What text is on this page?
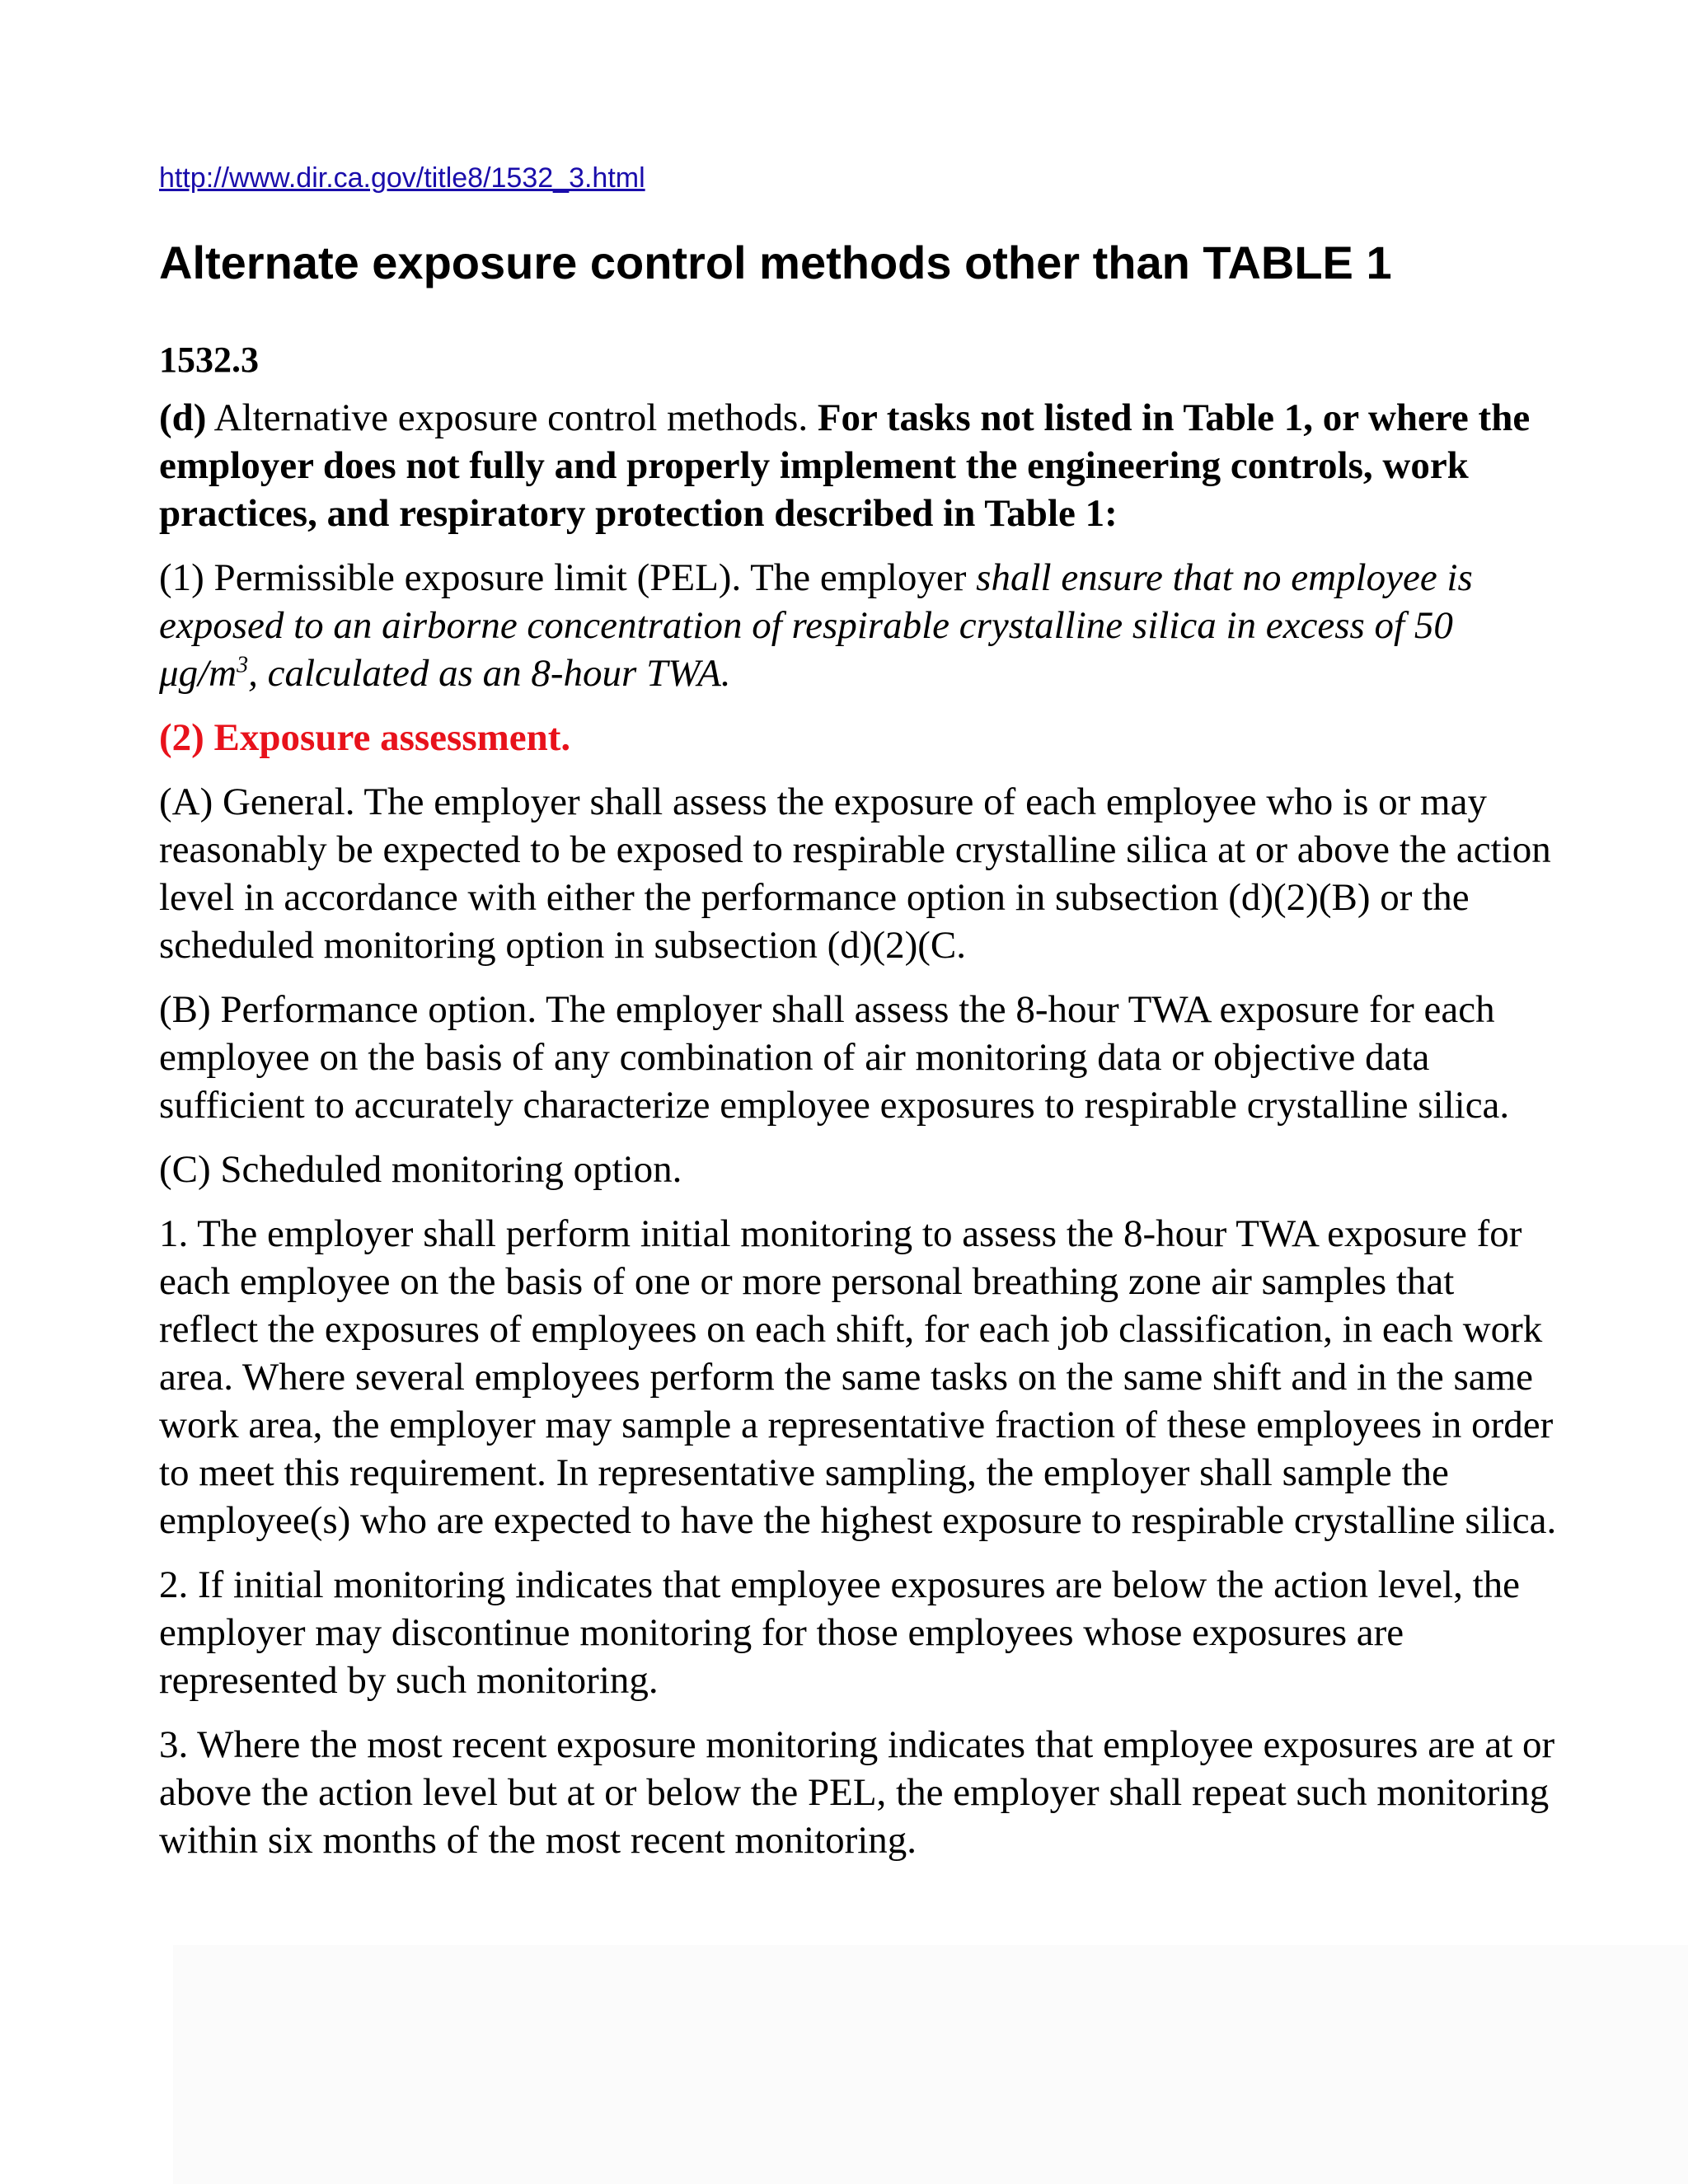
http://www.dir.ca.gov/title8/1532_3.html
Alternate exposure control methods other than TABLE 1
1532.3
(d) Alternative exposure control methods. For tasks not listed in Table 1, or where the employer does not fully and properly implement the engineering controls, work practices, and respiratory protection described in Table 1:
(1) Permissible exposure limit (PEL). The employer shall ensure that no employee is exposed to an airborne concentration of respirable crystalline silica in excess of 50 $\mu g/m^3$, calculated as an 8-hour TWA.
(2) Exposure assessment.
(A) General. The employer shall assess the exposure of each employee who is or may reasonably be expected to be exposed to respirable crystalline silica at or above the action level in accordance with either the performance option in subsection (d)(2)(B) or the scheduled monitoring option in subsection (d)(2)(C.
(B) Performance option. The employer shall assess the 8-hour TWA exposure for each employee on the basis of any combination of air monitoring data or objective data sufficient to accurately characterize employee exposures to respirable crystalline silica.
(C) Scheduled monitoring option.
1. The employer shall perform initial monitoring to assess the 8-hour TWA exposure for each employee on the basis of one or more personal breathing zone air samples that reflect the exposures of employees on each shift, for each job classification, in each work area. Where several employees perform the same tasks on the same shift and in the same work area, the employer may sample a representative fraction of these employees in order to meet this requirement. In representative sampling, the employer shall sample the employee(s) who are expected to have the highest exposure to respirable crystalline silica.
2. If initial monitoring indicates that employee exposures are below the action level, the employer may discontinue monitoring for those employees whose exposures are represented by such monitoring.
3. Where the most recent exposure monitoring indicates that employee exposures are at or above the action level but at or below the PEL, the employer shall repeat such monitoring within six months of the most recent monitoring.
